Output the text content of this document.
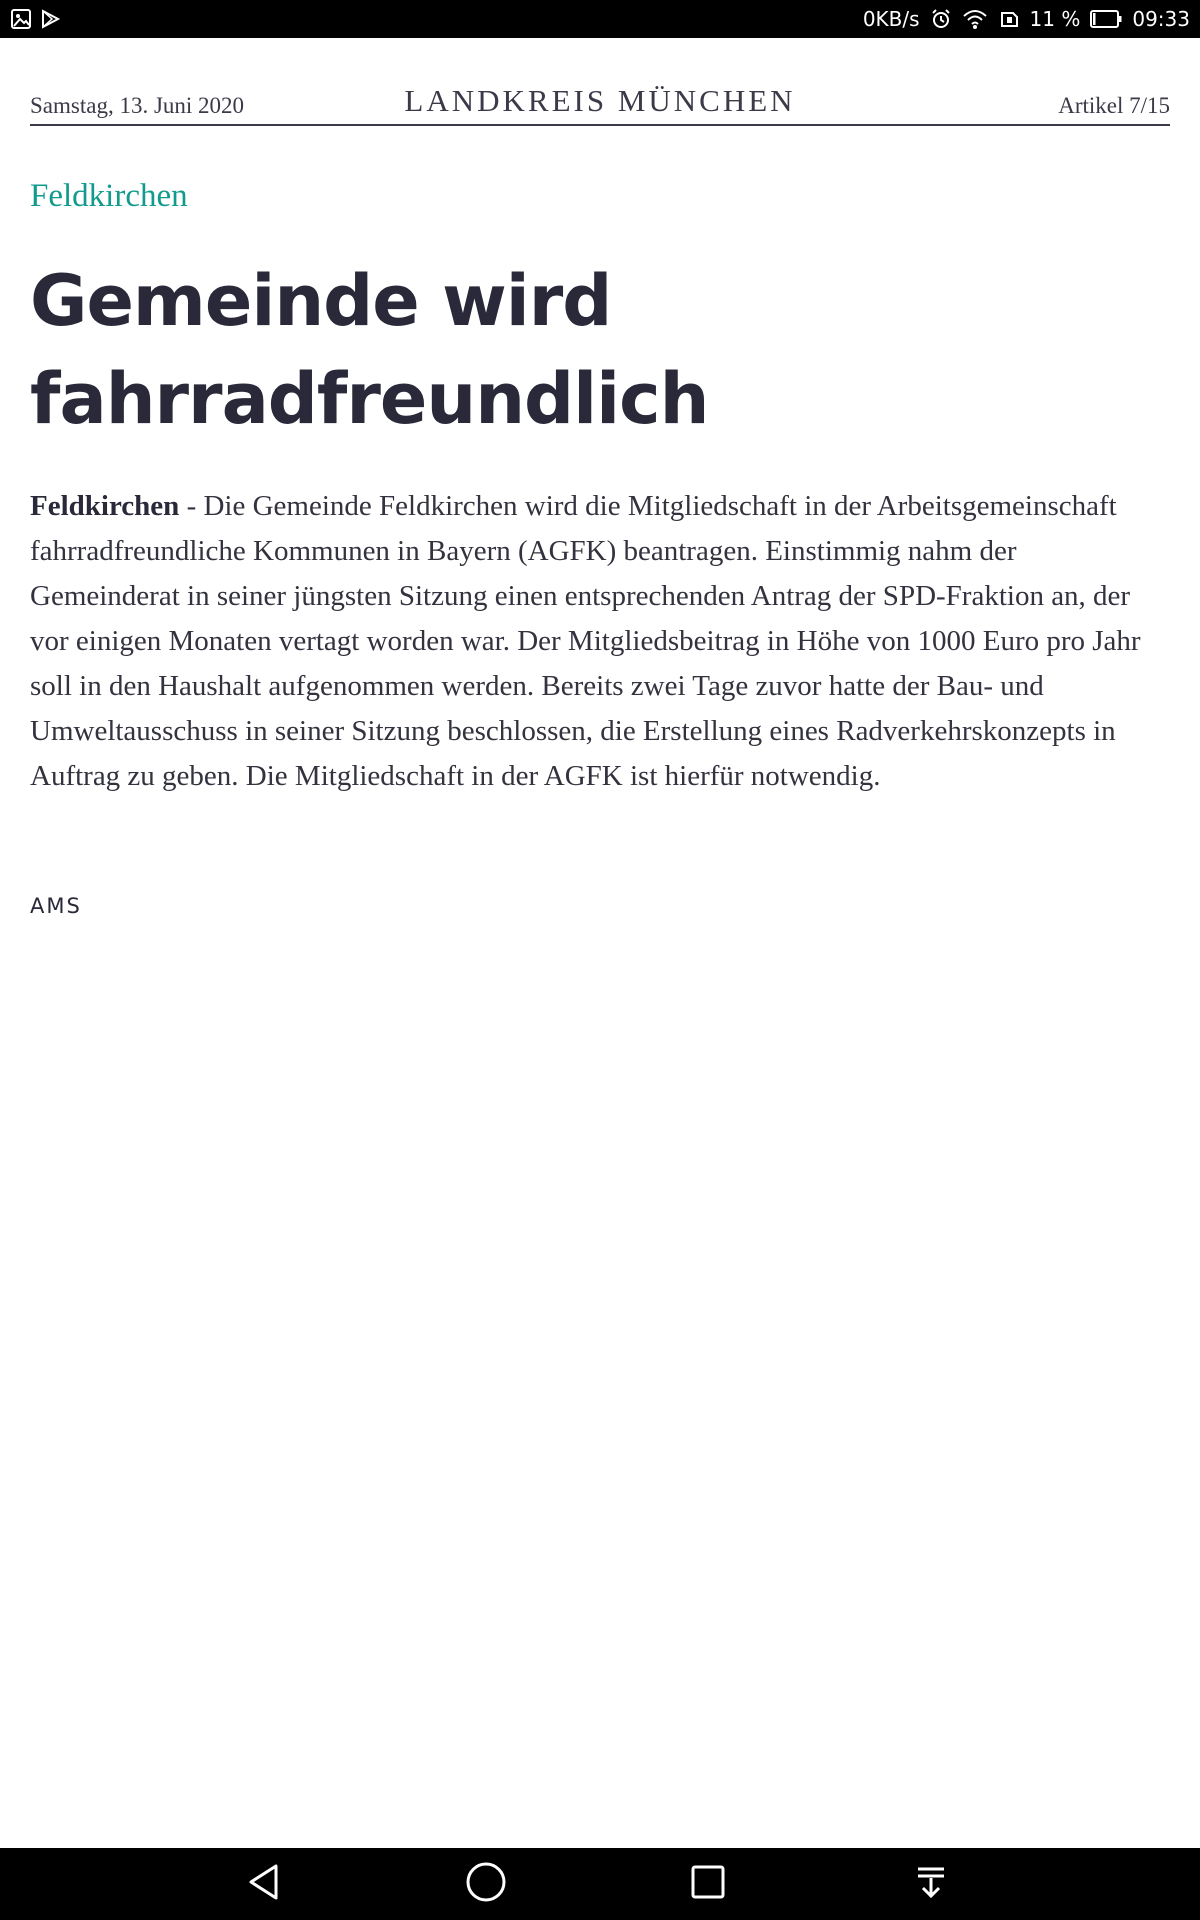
0KB/s	11 %	09:33
Samstag, 13. Juni 2020	LANDKREIS MÜNCHEN	Artikel 7/15
Feldkirchen
Gemeinde wird
fahrradfreundlich

Feldkirchen - Die Gemeinde Feldkirchen wird die Mitgliedschaft in der Arbeitsgemeinschaft fahrradfreundliche Kommunen in Bayern (AGFK) beantragen. Einstimmig nahm der Gemeinderat in seiner jüngsten Sitzung einen entsprechenden Antrag der SPD-Fraktion an, der vor einigen Monaten vertagt worden war. Der Mitgliedsbeitrag in Höhe von 1000 Euro pro Jahr soll in den Haushalt aufgenommen werden. Bereits zwei Tage zuvor hatte der Bau- und Umweltausschuss in seiner Sitzung beschlossen, die Erstellung eines Radverkehrskonzepts in Auftrag zu geben. Die Mitgliedschaft in der AGFK ist hierfür notwendig.

AMS
